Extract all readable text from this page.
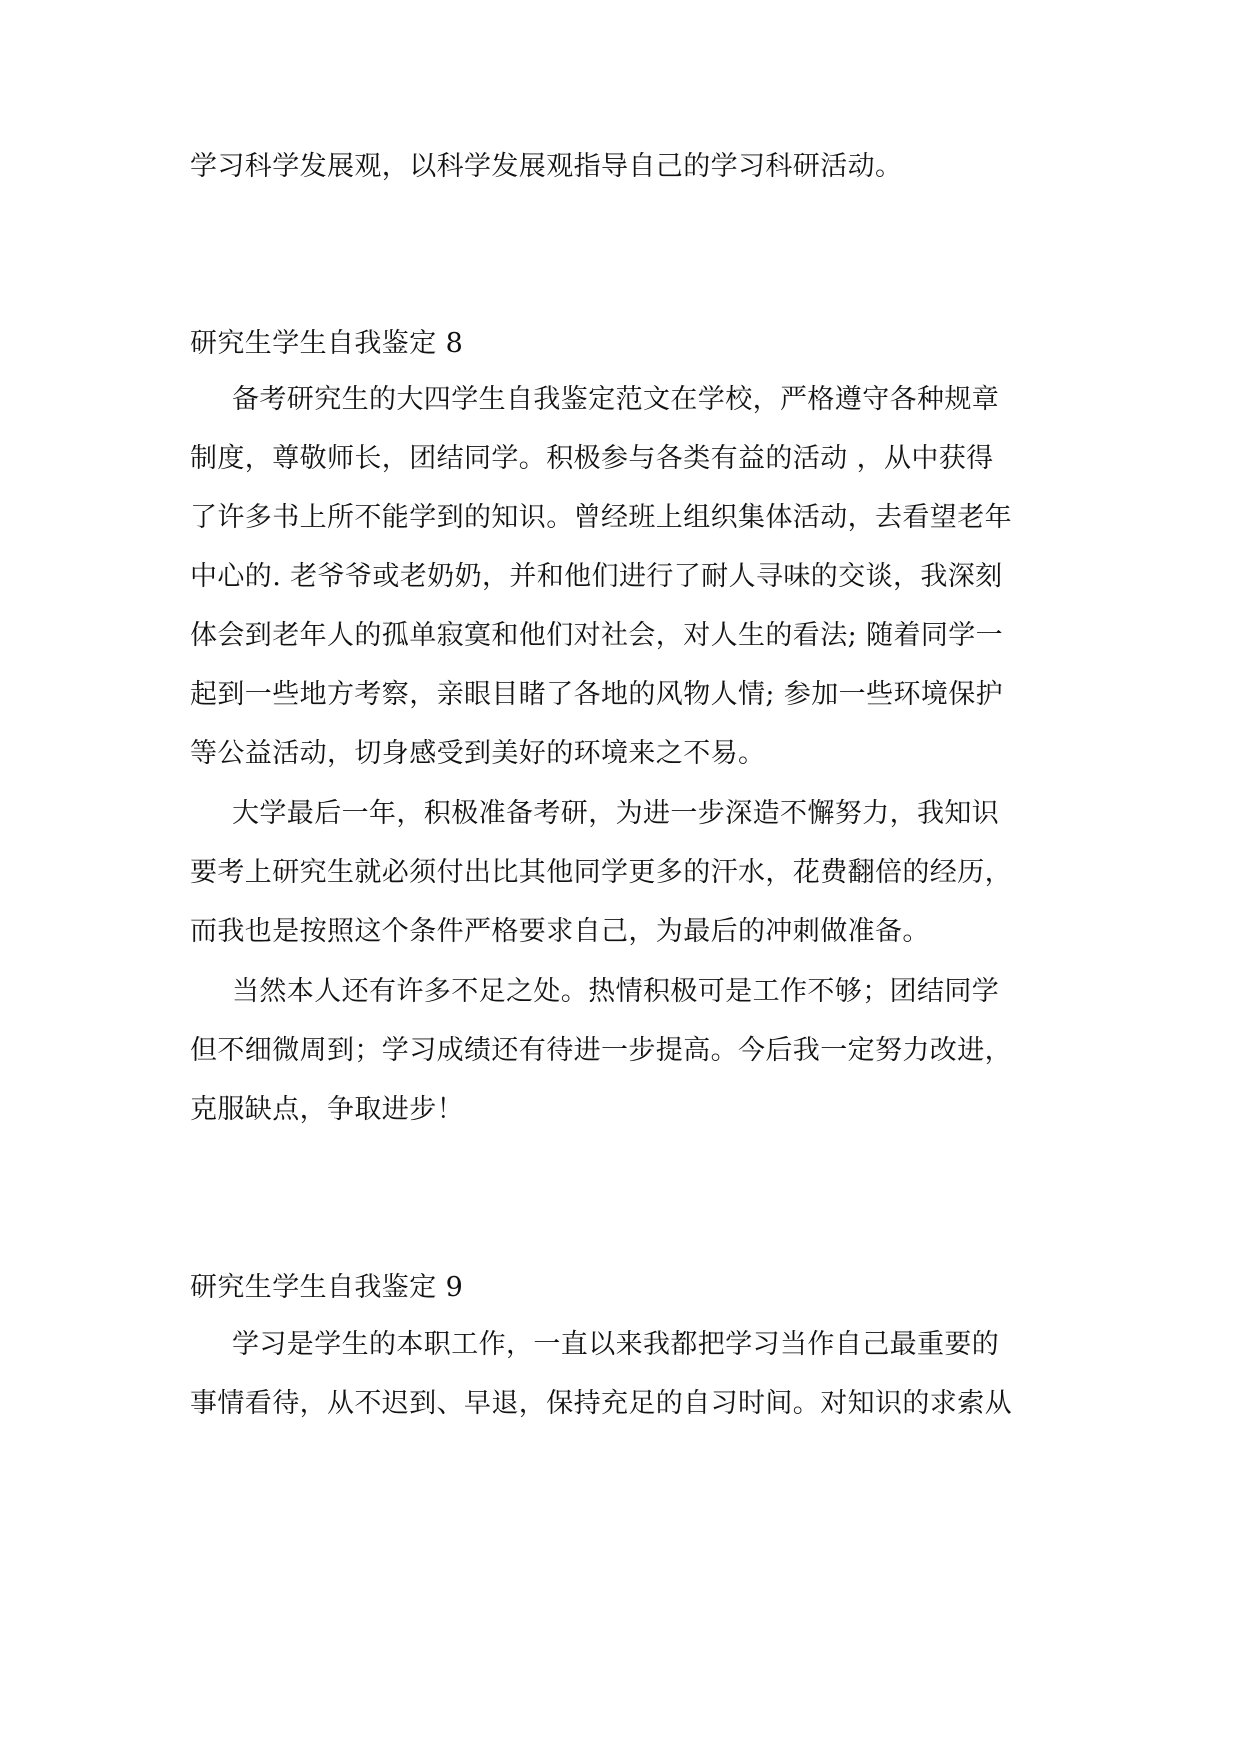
学习科学发展观，以科学发展观指导自己的学习科研活动。
研究生学生自我鉴定 8
备考研究生的大四学生自我鉴定范文在学校，严格遵守各种规章
制度，尊敬师长，团结同学。积极参与各类有益的活动 ，从中获得
了许多书上所不能学到的知识。曾经班上组织集体活动，去看望老年
中心的. 老爷爷或老奶奶，并和他们进行了耐人寻味的交谈，我深刻
体会到老年人的孤单寂寞和他们对社会，对人生的看法; 随着同学一
起到一些地方考察，亲眼目睹了各地的风物人情; 参加一些环境保护
等公益活动，切身感受到美好的环境来之不易。
大学最后一年，积极准备考研，为进一步深造不懈努力，我知识
要考上研究生就必须付出比其他同学更多的汗水，花费翻倍的经历，
而我也是按照这个条件严格要求自己，为最后的冲刺做准备。
当然本人还有许多不足之处。热情积极可是工作不够；团结同学
但不细微周到；学习成绩还有待进一步提高。今后我一定努力改进，
克服缺点，争取进步！
研究生学生自我鉴定 9
学习是学生的本职工作，一直以来我都把学习当作自己最重要的
事情看待，从不迟到、早退，保持充足的自习时间。对知识的求索从
